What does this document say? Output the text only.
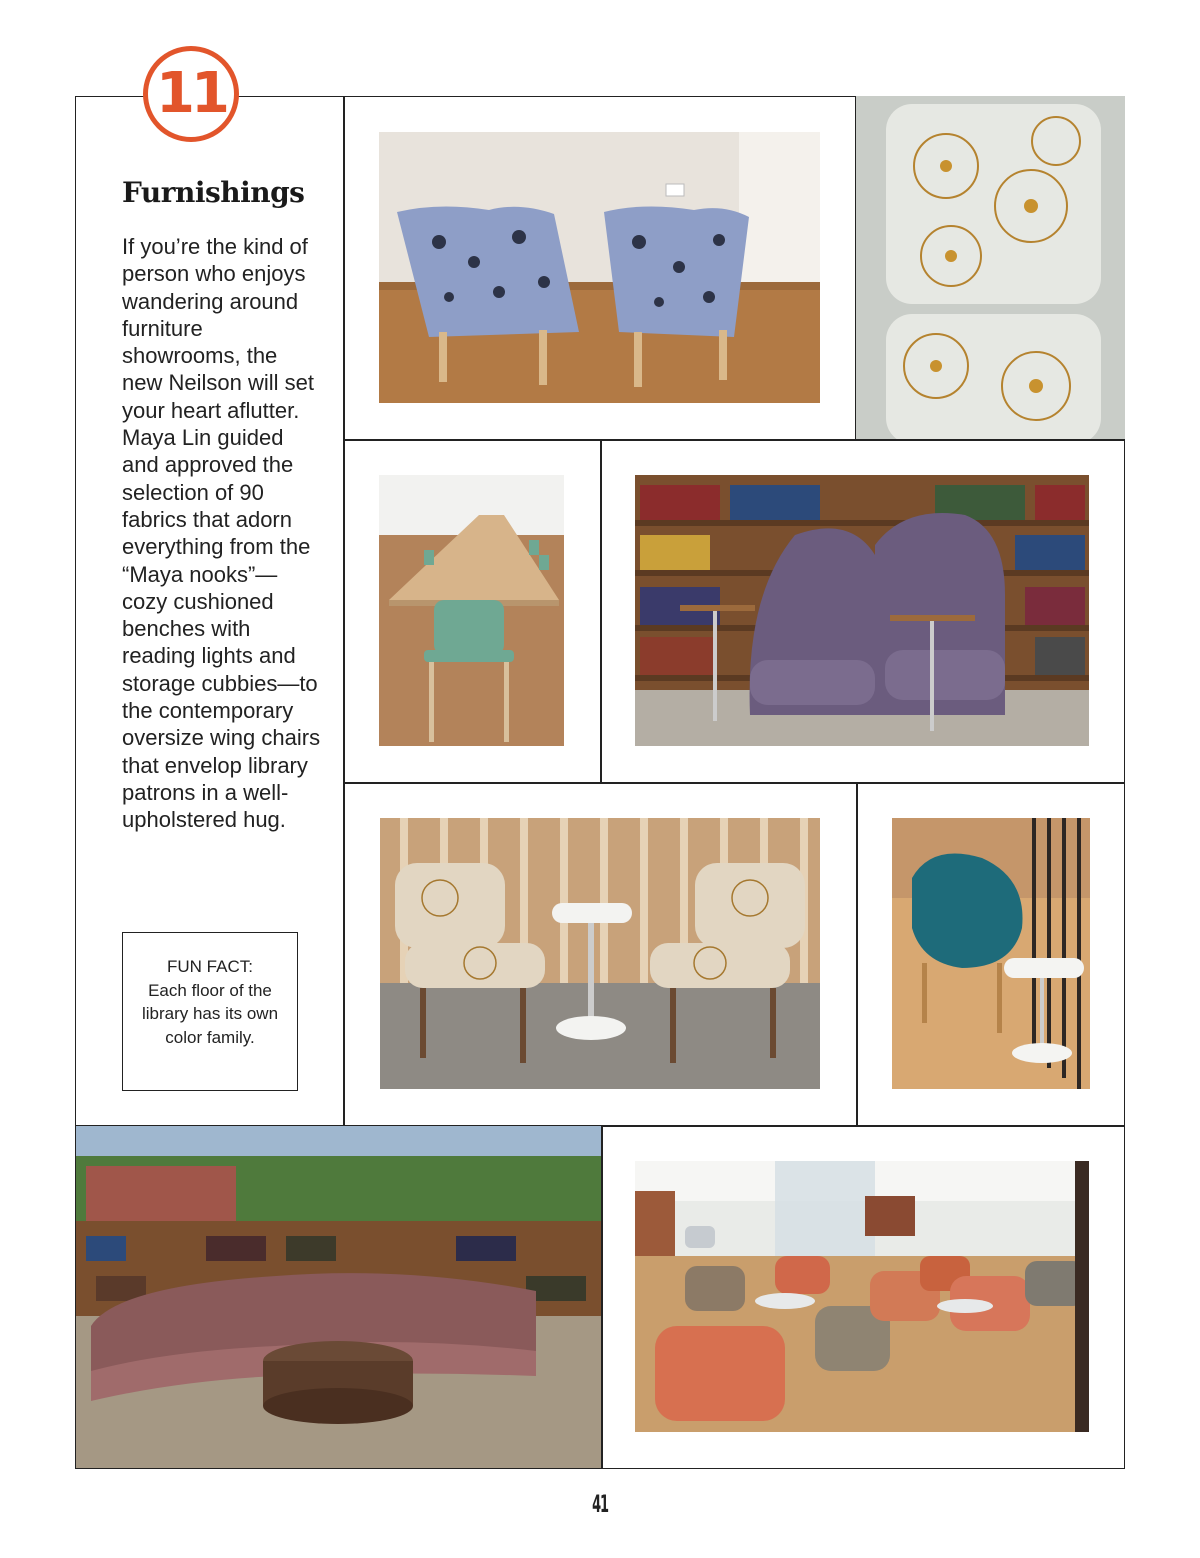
11
Furnishings

If you’re the kind of person who enjoys wandering around furniture showrooms, the new Neilson will set your heart aflutter. Maya Lin guided and approved the selection of 90 fabrics that adorn everything from the “Maya nooks”—cozy cushioned benches with reading lights and storage cubbies—to the contemporary oversize wing chairs that envelop library patrons in a well-upholstered hug.

FUN FACT:
Each floor of the library has its own color family.
41
